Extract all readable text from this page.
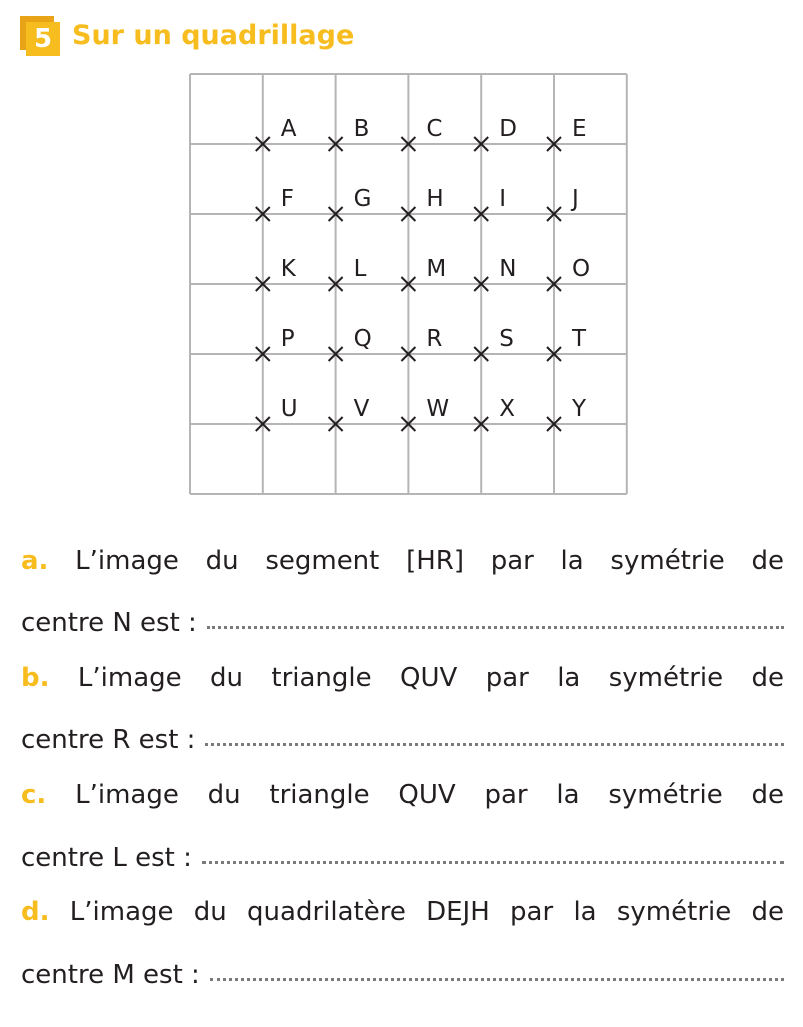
5 Sur un quadrillage
A B C D E
F	G H I	J
K	L	M N O
P	Q R S	T
U V W X Y
a. L’image du segment [HR] par la symétrie de
centre N est :
b. L’image du triangle QUV par la symétrie de
centre R est :
c. L’image du triangle QUV par la symétrie de
centre L est :
d. L’image du quadrilatère DEJH par la symétrie de
centre M est :
